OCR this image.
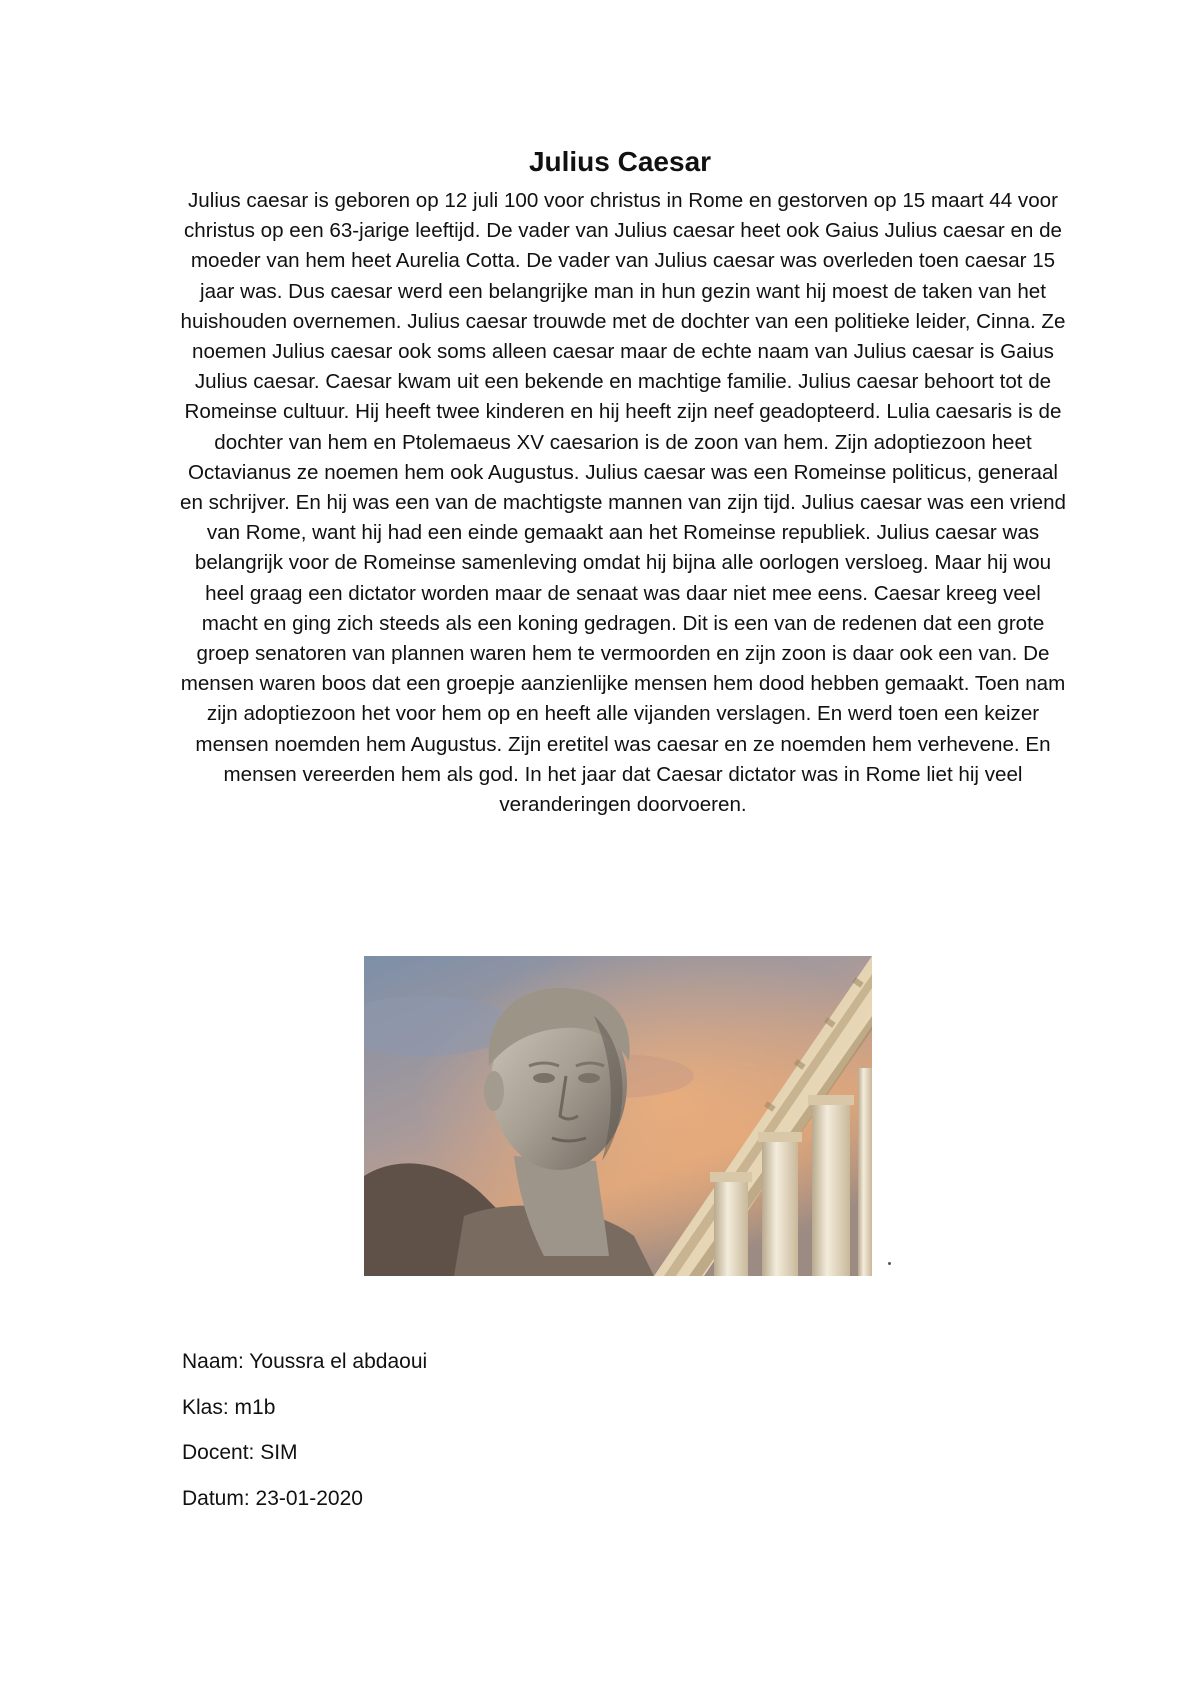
Julius Caesar

Julius caesar is geboren op 12 juli 100 voor christus in Rome en gestorven op 15 maart 44 voor christus op een 63-jarige leeftijd. De vader van Julius caesar heet ook Gaius Julius caesar en de moeder van hem heet Aurelia Cotta. De vader van Julius caesar was overleden toen caesar 15 jaar was. Dus caesar werd een belangrijke man in hun gezin want hij moest de taken van het huishouden overnemen. Julius caesar trouwde met de dochter van een politieke leider, Cinna. Ze noemen Julius caesar ook soms alleen caesar maar de echte naam van Julius caesar is Gaius Julius caesar. Caesar kwam uit een bekende en machtige familie. Julius caesar behoort tot de Romeinse cultuur. Hij heeft twee kinderen en hij heeft zijn neef geadopteerd. Lulia caesaris is de dochter van hem en Ptolemaeus XV caesarion is de zoon van hem. Zijn adoptiezoon heet Octavianus ze noemen hem ook Augustus. Julius caesar was een Romeinse politicus, generaal en schrijver. En hij was een van de machtigste mannen van zijn tijd. Julius caesar was een vriend van Rome, want hij had een einde gemaakt aan het Romeinse republiek. Julius caesar was belangrijk voor de Romeinse samenleving omdat hij bijna alle oorlogen versloeg. Maar hij wou heel graag een dictator worden maar de senaat was daar niet mee eens. Caesar kreeg veel macht en ging zich steeds als een koning gedragen. Dit is een van de redenen dat een grote groep senatoren van plannen waren hem te vermoorden en zijn zoon is daar ook een van. De mensen waren boos dat een groepje aanzienlijke mensen hem dood hebben gemaakt. Toen nam zijn adoptiezoon het voor hem op en heeft alle vijanden verslagen. En werd toen een keizer mensen noemden hem Augustus. Zijn eretitel was caesar en ze noemden hem verhevene. En mensen vereerden hem als god. In het jaar dat Caesar dictator was in Rome liet hij veel veranderingen doorvoeren.

Naam: Youssra el abdaoui

Klas: m1b

Docent: SIM

Datum: 23-01-2020
